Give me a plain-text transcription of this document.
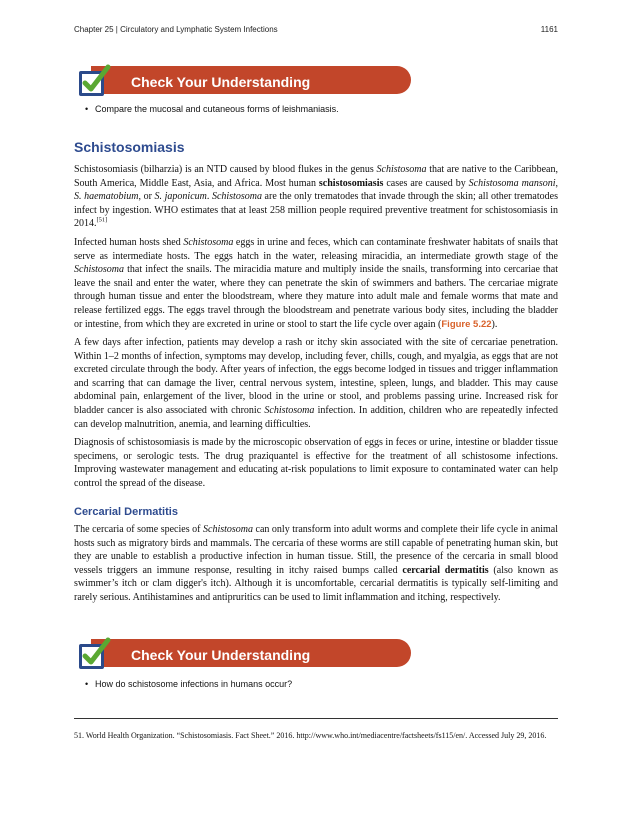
Chapter 25 | Circulatory and Lymphatic System Infections	1161
Check Your Understanding
• Compare the mucosal and cutaneous forms of leishmaniasis.
Schistosomiasis

Schistosomiasis (bilharzia) is an NTD caused by blood flukes in the genus Schistosoma that are native to the Caribbean, South America, Middle East, Asia, and Africa. Most human schistosomiasis cases are caused by Schistosoma mansoni, S. haematobium, or S. japonicum. Schistosoma are the only trematodes that invade through the skin; all other trematodes infect by ingestion. WHO estimates that at least 258 million people required preventive treatment for schistosomiasis in 2014.[51]

Infected human hosts shed Schistosoma eggs in urine and feces, which can contaminate freshwater habitats of snails that serve as intermediate hosts. The eggs hatch in the water, releasing miracidia, an intermediate growth stage of the Schistosoma that infect the snails. The miracidia mature and multiply inside the snails, transforming into cercariae that leave the snail and enter the water, where they can penetrate the skin of swimmers and bathers. The cercariae migrate through human tissue and enter the bloodstream, where they mature into adult male and female worms that mate and release fertilized eggs. The eggs travel through the bloodstream and penetrate various body sites, including the bladder or intestine, from which they are excreted in urine or stool to start the life cycle over again (Figure 5.22).

A few days after infection, patients may develop a rash or itchy skin associated with the site of cercariae penetration. Within 1–2 months of infection, symptoms may develop, including fever, chills, cough, and myalgia, as eggs that are not excreted circulate through the body. After years of infection, the eggs become lodged in tissues and trigger inflammation and scarring that can damage the liver, central nervous system, intestine, spleen, lungs, and bladder. This may cause abdominal pain, enlargement of the liver, blood in the urine or stool, and problems passing urine. Increased risk for bladder cancer is also associated with chronic Schistosoma infection. In addition, children who are repeatedly infected can develop malnutrition, anemia, and learning difficulties.

Diagnosis of schistosomiasis is made by the microscopic observation of eggs in feces or urine, intestine or bladder tissue specimens, or serologic tests. The drug praziquantel is effective for the treatment of all schistosome infections. Improving wastewater management and educating at-risk populations to limit exposure to contaminated water can help control the spread of the disease.

Cercarial Dermatitis

The cercaria of some species of Schistosoma can only transform into adult worms and complete their life cycle in animal hosts such as migratory birds and mammals. The cercaria of these worms are still capable of penetrating human skin, but they are unable to establish a productive infection in human tissue. Still, the presence of the cercaria in small blood vessels triggers an immune response, resulting in itchy raised bumps called cercarial dermatitis (also known as swimmer’s itch or clam digger's itch). Although it is uncomfortable, cercarial dermatitis is typically self-limiting and rarely serious. Antihistamines and antipruritics can be used to limit inflammation and itching, respectively.

Check Your Understanding
• How do schistosome infections in humans occur?
51. World Health Organization. “Schistosomiasis. Fact Sheet.” 2016. http://www.who.int/mediacentre/factsheets/fs115/en/. Accessed July 29, 2016.
